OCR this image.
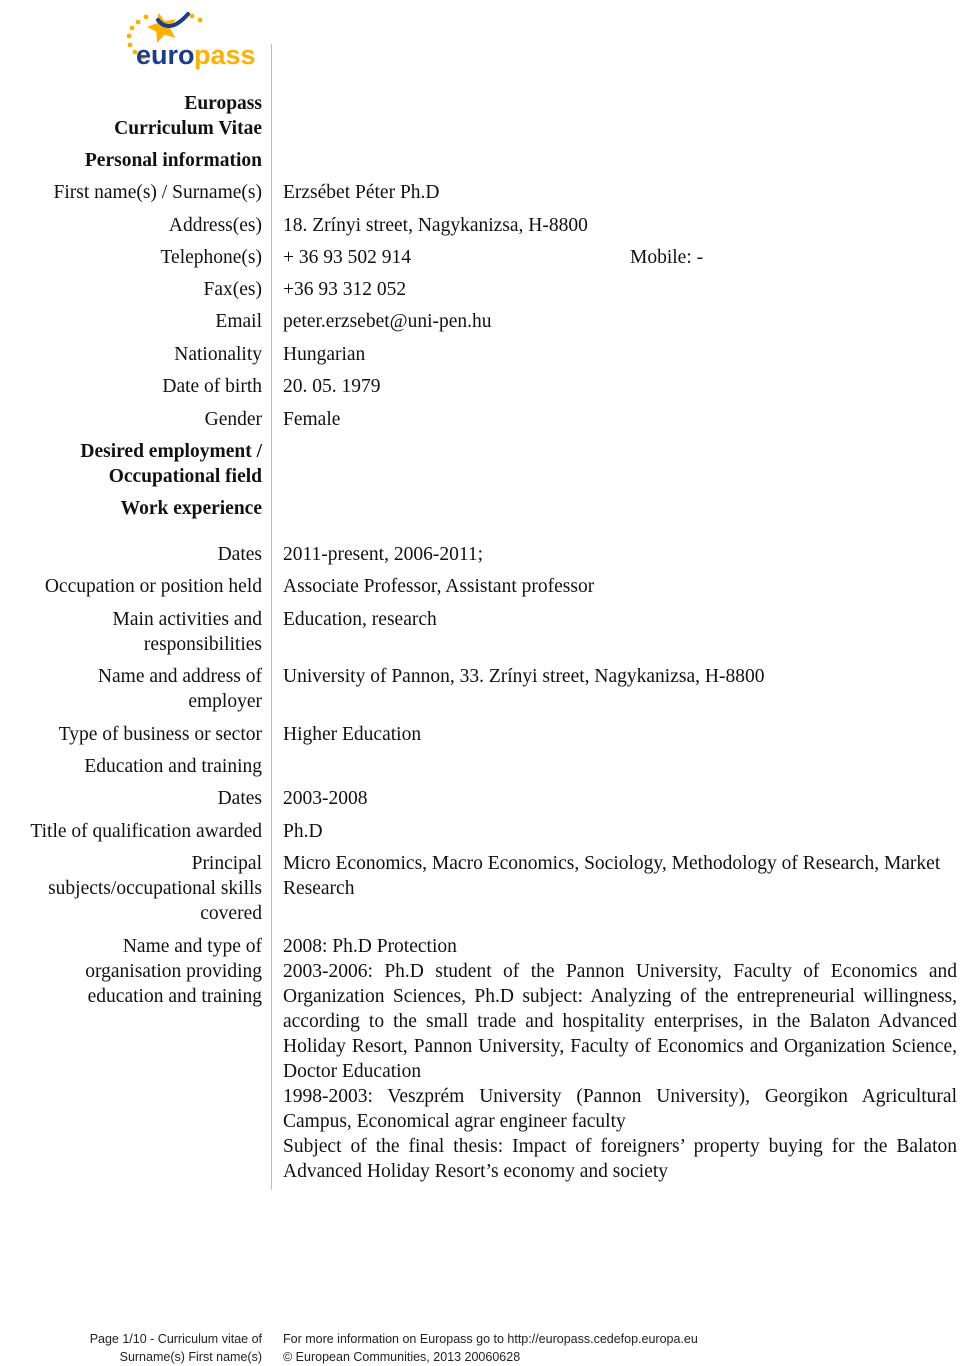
euro pass
Europass
Curriculum Vitae
Personal information
First name(s) / Surname(s) Erzsébet Péter Ph.D
Address(es) 18. Zrínyi street, Nagykanizsa, H-8800
Telephone(s) + 36 93 502 914	Mobile: -
Fax(es) +36 93 312 052
Email peter.erzsebet@uni-pen.hu
Nationality Hungarian
Date of birth 20. 05. 1979
Gender Female
Desired employment /
Occupational field
Work experience
Dates 2011-present, 2006-2011;
Occupation or position held Associate Professor, Assistant professor
Main activities and
responsibilities
Education, research
Name and address of
employer
University of Pannon, 33. Zrínyi street, Nagykanizsa, H-8800
Type of business or sector Higher Education
Education and training
Dates 2003-2008
Title of qualification awarded Ph.D
Principal
subjects/occupational skills
covered
Micro Economics, Macro Economics, Sociology, Methodology of Research, Market Research
Name and type of
organisation providing
education and training

2008: Ph.D Protection

2003-2006: Ph.D student of the Pannon University, Faculty of Economics and Organization Sciences, Ph.D subject: Analyzing of the entrepreneurial willingness, according to the small trade and hospitality enterprises, in the Balaton Advanced Holiday Resort, Pannon University, Faculty of Economics and Organization Science, Doctor Education

1998-2003: Veszprém University (Pannon University), Georgikon Agricultural Campus, Economical agrar engineer faculty

Subject of the final thesis: Impact of foreigners’ property buying for the Balaton Advanced Holiday Resort’s economy and society

Page 1/10 - Curriculum vitae of
Surname(s) First name(s)
For more information on Europass go to http://europass.cedefop.europa.eu
© European Communities, 2013 20060628
